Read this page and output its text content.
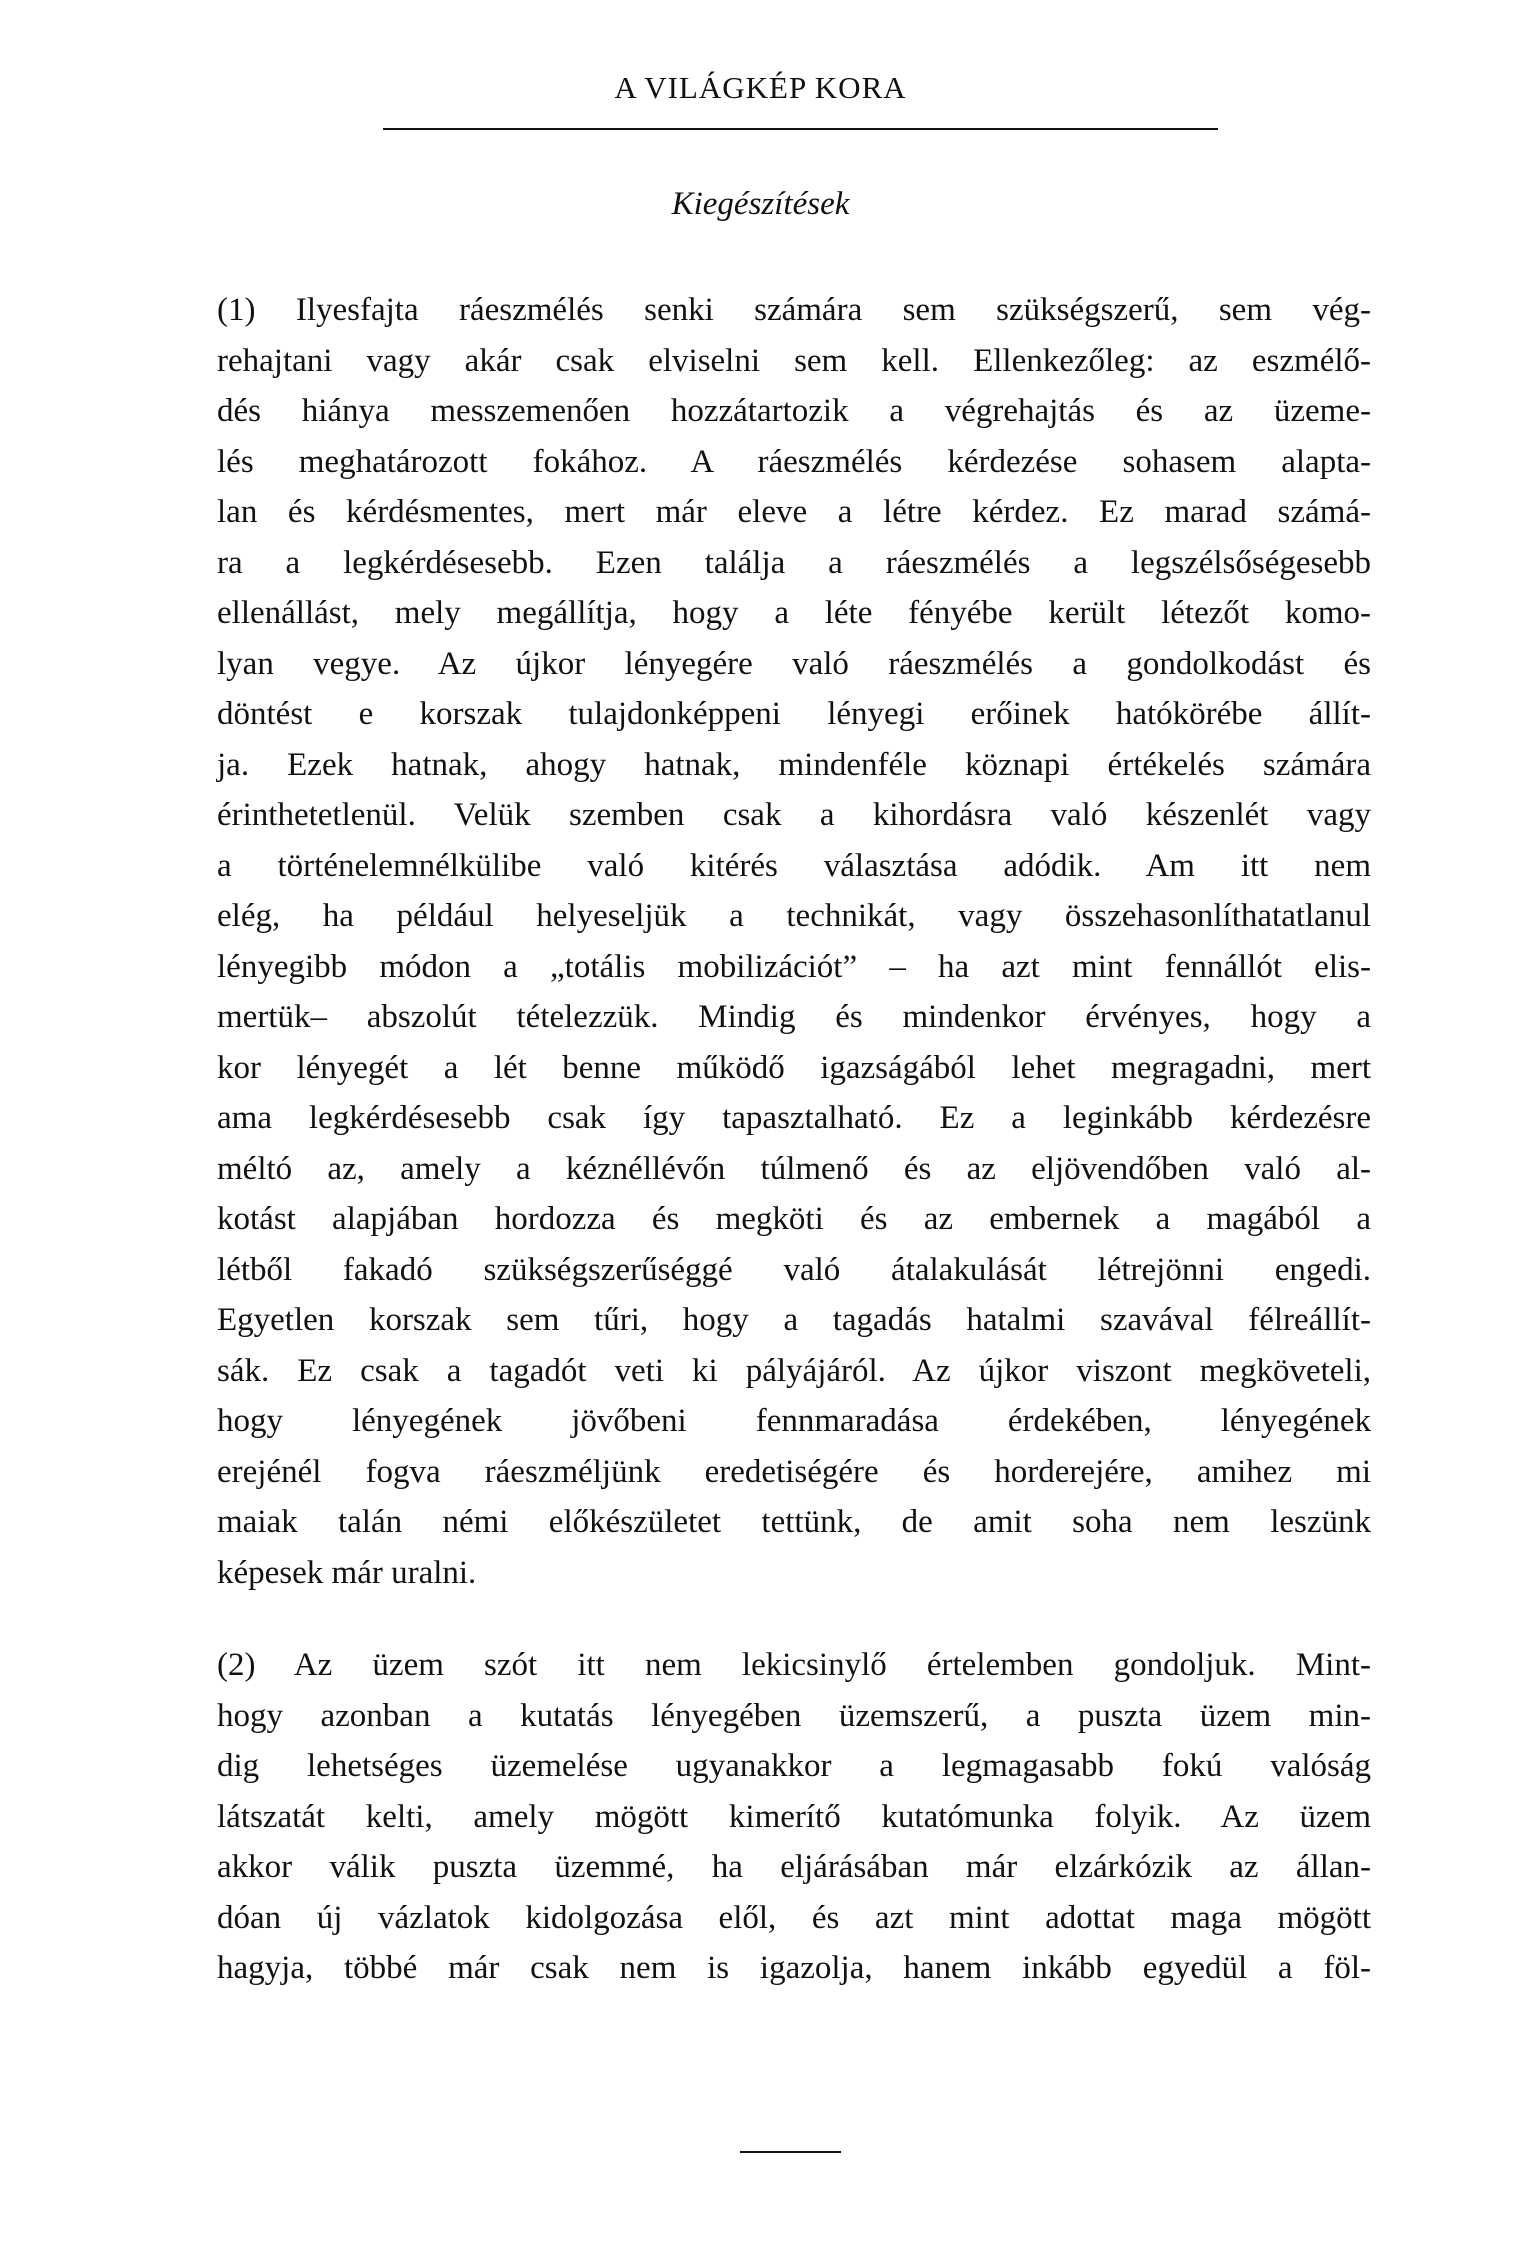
A VILÁGKÉP KORA
Kiegészítések
(1) Ilyesfajta ráeszmélés senki számára sem szükségszerű, sem vég-
rehajtani vagy akár csak elviselni sem kell. Ellenkezőleg: az eszmélő-
dés hiánya messzemenően hozzátartozik a végrehajtás és az üzeme-
lés meghatározott fokához. A ráeszmélés kérdezése sohasem alapta-
lan és kérdésmentes, mert már eleve a létre kérdez. Ez marad számá-
ra a legkérdésesebb. Ezen találja a ráeszmélés a legszélsőségesebb
ellenállást, mely megállítja, hogy a léte fényébe került létezőt komo-
lyan vegye. Az újkor lényegére való ráeszmélés a gondolkodást és
döntést e korszak tulajdonképpeni lényegi erőinek hatókörébe állít-
ja. Ezek hatnak, ahogy hatnak, mindenféle köznapi értékelés számára
érinthetetlenül. Velük szemben csak a kihordásra való készenlét vagy
a történelemnélkülibe való kitérés választása adódik. Am itt nem
elég, ha például helyeseljük a technikát, vagy összehasonlíthatatlanul
lényegibb módon a „totális mobilizációt” – ha azt mint fennállót elis-
mertük– abszolút tételezzük. Mindig és mindenkor érvényes, hogy a
kor lényegét a lét benne működő igazságából lehet megragadni, mert
ama legkérdésesebb csak így tapasztalható. Ez a leginkább kérdezésre
méltó az, amely a kéznéllévőn túlmenő és az eljövendőben való al-
kotást alapjában hordozza és megköti és az embernek a magából a
létből fakadó szükségszerűséggé való átalakulását létrejönni engedi.
Egyetlen korszak sem tűri, hogy a tagadás hatalmi szavával félreállít-
sák. Ez csak a tagadót veti ki pályájáról. Az újkor viszont megköveteli,
hogy lényegének jövőbeni fennmaradása érdekében, lényegének
erejénél fogva ráeszméljünk eredetiségére és horderejére, amihez mi
maiak talán némi előkészületet tettünk, de amit soha nem leszünk
képesek már uralni.
(2) Az üzem szót itt nem lekicsinylő értelemben gondoljuk. Mint-
hogy azonban a kutatás lényegében üzemszerű, a puszta üzem min-
dig lehetséges üzemelése ugyanakkor a legmagasabb fokú valóság
látszatát kelti, amely mögött kimerítő kutatómunka folyik. Az üzem
akkor válik puszta üzemmé, ha eljárásában már elzárkózik az állan-
dóan új vázlatok kidolgozása elől, és azt mint adottat maga mögött
hagyja, többé már csak nem is igazolja, hanem inkább egyedül a föl-
